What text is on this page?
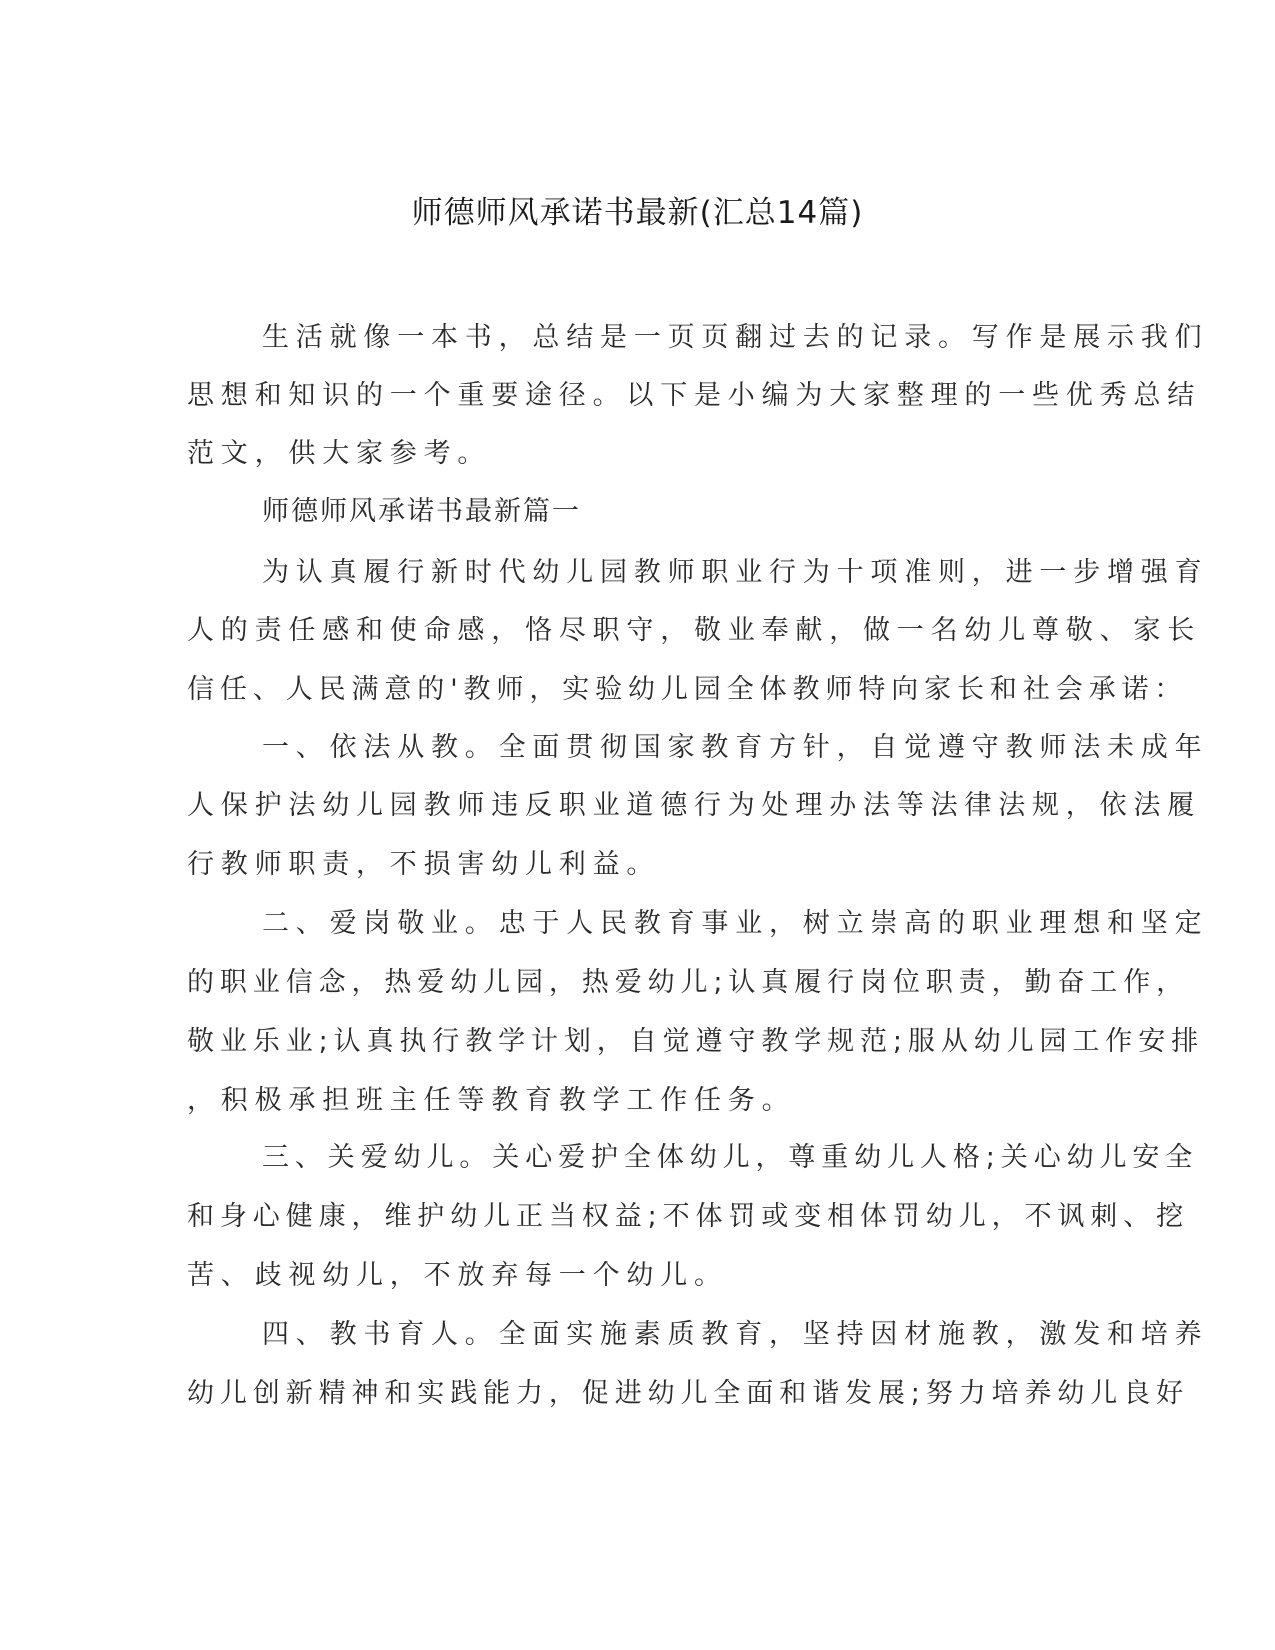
师德师风承诺书最新(汇总14篇)
生活就像一本书，总结是一页页翻过去的记录。写作是展示我们
思想和知识的一个重要途径。以下是小编为大家整理的一些优秀总结
范文，供大家参考。
师德师风承诺书最新篇一
为认真履行新时代幼儿园教师职业行为十项准则，进一步增强育
人的责任感和使命感，恪尽职守，敬业奉献，做一名幼儿尊敬、家长
信任、人民满意的'教师，实验幼儿园全体教师特向家长和社会承诺：
一、依法从教。全面贯彻国家教育方针，自觉遵守教师法未成年
人保护法幼儿园教师违反职业道德行为处理办法等法律法规，依法履
行教师职责，不损害幼儿利益。
二、爱岗敬业。忠于人民教育事业，树立崇高的职业理想和坚定
的职业信念，热爱幼儿园，热爱幼儿;认真履行岗位职责，勤奋工作，
敬业乐业;认真执行教学计划，自觉遵守教学规范;服从幼儿园工作安排
，积极承担班主任等教育教学工作任务。
三、关爱幼儿。关心爱护全体幼儿，尊重幼儿人格;关心幼儿安全
和身心健康，维护幼儿正当权益;不体罚或变相体罚幼儿，不讽刺、挖
苦、歧视幼儿，不放弃每一个幼儿。
四、教书育人。全面实施素质教育，坚持因材施教，激发和培养
幼儿创新精神和实践能力，促进幼儿全面和谐发展;努力培养幼儿良好
